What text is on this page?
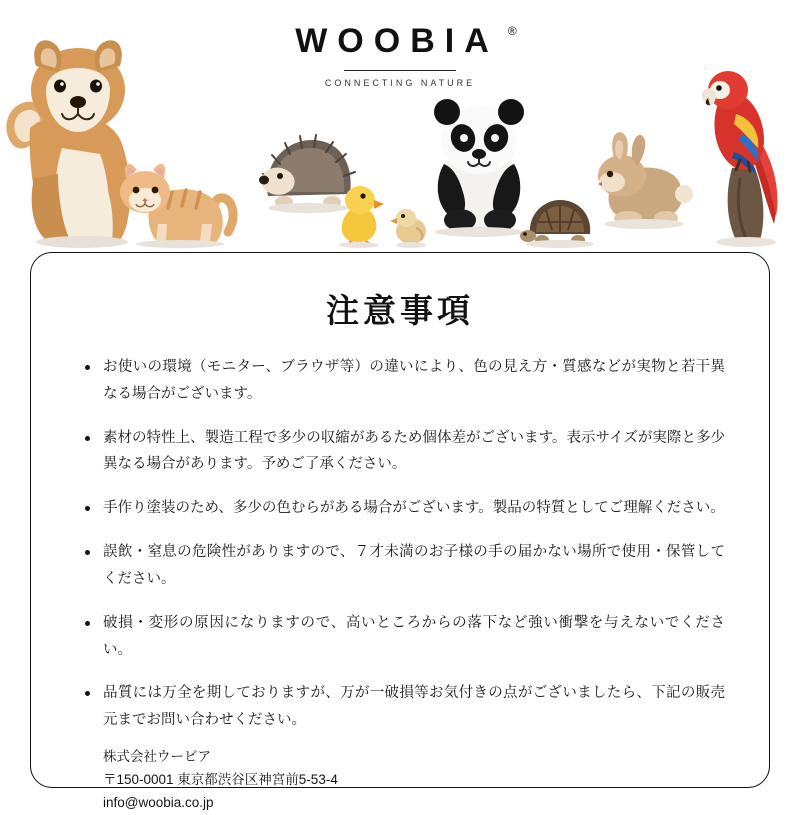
WOOBIA ®
CONNECTING NATURE
注意事項
お使いの環境（モニター、ブラウザ等）の違いにより、色の見え方・質感などが実物と若干異なる場合がございます。
素材の特性上、製造工程で多少の収縮があるため個体差がございます。表示サイズが実際と多少異なる場合があります。予めご了承ください。
手作り塗装のため、多少の色むらがある場合がございます。製品の特質としてご理解ください。
誤飲・窒息の危険性がありますので、７才未満のお子様の手の届かない場所で使用・保管してください。
破損・変形の原因になりますので、高いところからの落下など強い衝撃を与えないでください。
品質には万全を期しておりますが、万が一破損等お気付きの点がございましたら、下記の販売元までお問い合わせください。
株式会社ウービア
〒150-0001 東京都渋谷区神宮前5-53-4
info@woobia.co.jp
